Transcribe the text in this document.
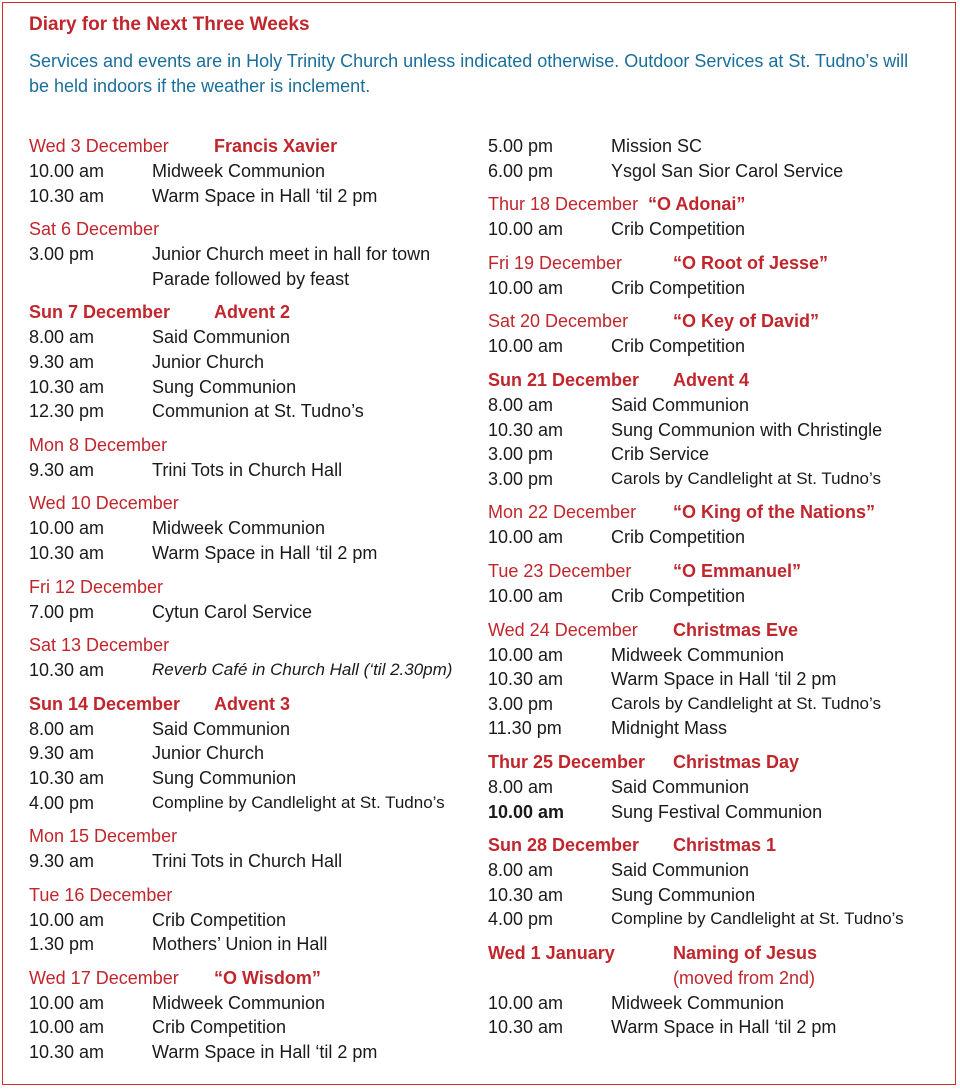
Diary for the Next Three Weeks

Services and events are in Holy Trinity Church unless indicated otherwise. Outdoor Services at St. Tudno’s will be held indoors if the weather is inclement.

Wed 3 December	Francis Xavier
10.00 am	Midweek Communion
10.30 am	Warm Space in Hall ‘til 2 pm
Sat 6 December
3.00 pm	Junior Church meet in hall for town Parade followed by feast
Sun 7 December Advent 2
8.00 am	Said Communion
9.30 am	Junior Church
10.30 am	Sung Communion
12.30 pm	Communion at St. Tudno’s
Mon 8 December
9.30 am	Trini Tots in Church Hall
Wed 10 December
10.00 am	Midweek Communion
10.30 am	Warm Space in Hall ‘til 2 pm
Fri 12 December
7.00 pm	Cytun Carol Service
Sat 13 December
10.30 am	Reverb Café in Church Hall (‘til 2.30pm)
Sun 14 December Advent 3
8.00 am	Said Communion
9.30 am	Junior Church
10.30 am	Sung Communion
4.00 pm	Compline by Candlelight at St. Tudno’s
Mon 15 December
9.30 am	Trini Tots in Church Hall
Tue 16 December
10.00 am	Crib Competition
1.30 pm	Mothers’ Union in Hall
Wed 17 December “O Wisdom”
10.00 am	Midweek Communion
10.00 am	Crib Competition
10.30 am	Warm Space in Hall ‘til 2 pm
5.00 pm	Mission SC
6.00 pm	Ysgol San Sior Carol Service
Thur 18 December “O Adonai”
10.00 am	Crib Competition
Fri 19 December	“O Root of Jesse”
10.00 am	Crib Competition
Sat 20 December “O Key of David”
10.00 am	Crib Competition
Sun 21 December Advent 4
8.00 am	Said Communion
10.30 am	Sung Communion with Christingle
3.00 pm	Crib Service
3.00 pm	Carols by Candlelight at St. Tudno’s
Mon 22 December “O King of the Nations”
10.00 am	Crib Competition
Tue 23 December “O Emmanuel”
10.00 am	Crib Competition
Wed 24 December Christmas Eve
10.00 am	Midweek Communion
10.30 am	Warm Space in Hall ‘til 2 pm
3.00 pm	Carols by Candlelight at St. Tudno’s
11.30 pm	Midnight Mass
Thur 25 December Christmas Day
8.00 am	Said Communion
10.00 am	Sung Festival Communion
Sun 28 December Christmas 1
8.00 am	Said Communion
10.30 am	Sung Communion
4.00 pm	Compline by Candlelight at St. Tudno’s
Wed 1 January	Naming of Jesus
(moved from 2nd)
10.00 am	Midweek Communion
10.30 am	Warm Space in Hall ‘til 2 pm
